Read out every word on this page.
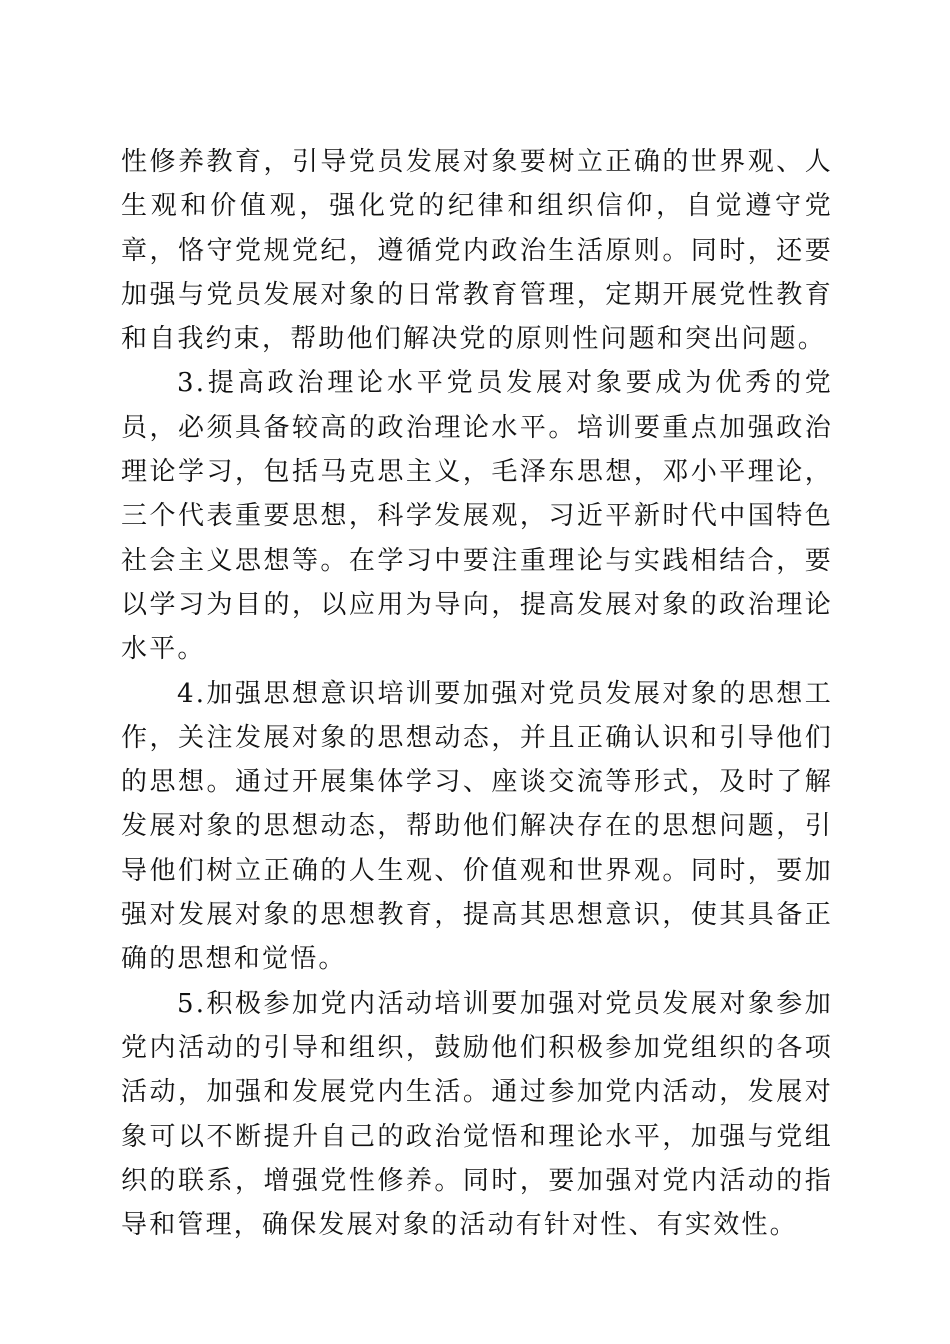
性修养教育，引导党员发展对象要树立正确的世界观、人生观和价值观，强化党的纪律和组织信仰，自觉遵守党章，恪守党规党纪，遵循党内政治生活原则。同时，还要加强与党员发展对象的日常教育管理，定期开展党性教育和自我约束，帮助他们解决党的原则性问题和突出问题。

3.提高政治理论水平党员发展对象要成为优秀的党员，必须具备较高的政治理论水平。培训要重点加强政治理论学习，包括马克思主义，毛泽东思想，邓小平理论，三个代表重要思想，科学发展观，习近平新时代中国特色社会主义思想等。在学习中要注重理论与实践相结合，要以学习为目的，以应用为导向，提高发展对象的政治理论水平。

4.加强思想意识培训要加强对党员发展对象的思想工作，关注发展对象的思想动态，并且正确认识和引导他们的思想。通过开展集体学习、座谈交流等形式，及时了解发展对象的思想动态，帮助他们解决存在的思想问题，引导他们树立正确的人生观、价值观和世界观。同时，要加强对发展对象的思想教育，提高其思想意识，使其具备正确的思想和觉悟。

5.积极参加党内活动培训要加强对党员发展对象参加党内活动的引导和组织，鼓励他们积极参加党组织的各项活动，加强和发展党内生活。通过参加党内活动，发展对象可以不断提升自己的政治觉悟和理论水平，加强与党组织的联系，增强党性修养。同时，要加强对党内活动的指导和管理，确保发展对象的活动有针对性、有实效性。
